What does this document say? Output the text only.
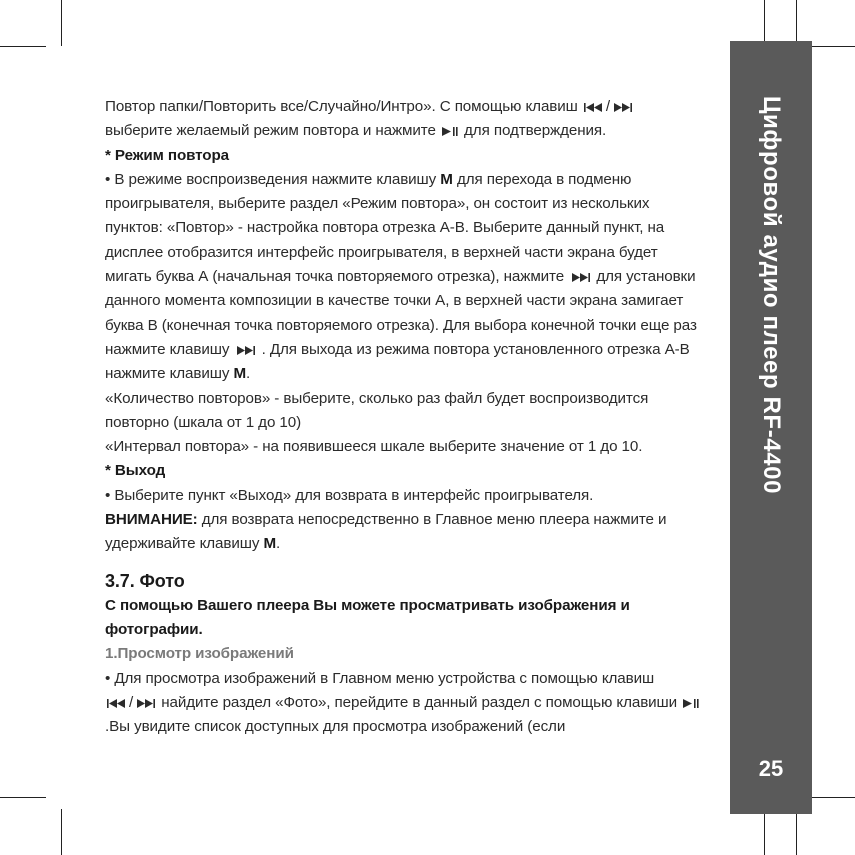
Цифровой аудио плеер RF-4400
25

Повтор папки/Повторить все/Случайно/Интро». С помощью клавиш /

выберите желаемый режим повтора и нажмите для подтверждения.

* Режим повтора

• В режиме воспроизведения нажмите клавишу M для перехода в подменю проигрывателя, выберите раздел «Режим повтора», он состоит из нескольких пунктов: «Повтор» - настройка повтора отрезка А-В. Выберите данный пункт, на дисплее отобразится интерфейс проигрывателя, в верхней части экрана будет мигать буква А (начальная точка повторяемого отрезка), нажмите для установки данного момента композиции в качестве точки А, в верхней части экрана замигает буква В (конечная точка повторяемого отрезка). Для выбора конечной точки еще раз нажмите клавишу . Для выхода из режима повтора установленного отрезка А-В нажмите клавишу M.

«Количество повторов» - выберите, сколько раз файл будет воспроизводится повторно (шкала от 1 до 10)

«Интервал повтора» - на появившееся шкале выберите значение от 1 до 10.

* Выход

• Выберите пункт «Выход» для возврата в интерфейс проигрывателя.

ВНИМАНИЕ: для возврата непосредственно в Главное меню плеера нажмите и удерживайте клавишу M.

3.7. Фото

С помощью Вашего плеера Вы можете просматривать изображения и фотографии.

1.Просмотр изображений

• Для просмотра изображений в Главном меню устройства с помощью клавиш

/ найдите раздел «Фото», перейдите в данный раздел с помощью клавиши
.Вы увидите список доступных для просмотра изображений (если
